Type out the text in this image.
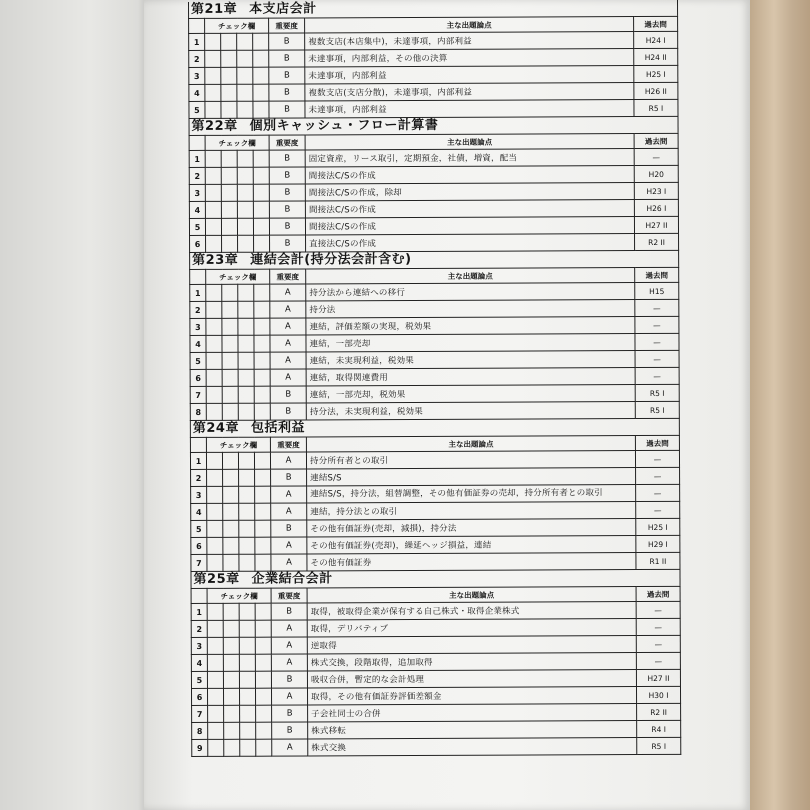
第21章 本支店会計
	チェック欄				重要度	主な出題論点	過去問
1					B	複数支店(本店集中)，未達事項，内部利益	H24 I
2					B	未達事項，内部利益，その他の決算	H24 II
3					B	未達事項，内部利益	H25 I
4					B	複数支店(支店分散)，未達事項，内部利益	H26 II
5					B	未達事項，内部利益	R5 I
第22章 個別キャッシュ・フロー計算書
	チェック欄				重要度	主な出題論点	過去問
1					B	固定資産，リース取引，定期預金，社債，増資，配当	—
2					B	間接法C/Sの作成	H20
3					B	間接法C/Sの作成，除却	H23 I
4					B	間接法C/Sの作成	H26 I
5					B	間接法C/Sの作成	H27 II
6					B	直接法C/Sの作成	R2 II
第23章 連結会計(持分法会計含む)
	チェック欄				重要度	主な出題論点	過去問
1					A	持分法から連結への移行	H15
2					A	持分法	—
3					A	連結，評価差額の実現，税効果	—
4					A	連結，一部売却	—
5					A	連結，未実現利益，税効果	—
6					A	連結，取得関連費用	—
7					B	連結，一部売却，税効果	R5 I
8					B	持分法，未実現利益，税効果	R5 I
第24章 包括利益
	チェック欄				重要度	主な出題論点	過去問
1					A	持分所有者との取引	—
2					B	連結S/S	—
3					A	連結S/S，持分法，組替調整，その他有価証券の売却，持分所有者との取引	—
4					A	連結，持分法との取引	—
5					B	その他有価証券(売却，減損)，持分法	H25 I
6					A	その他有価証券(売却)，繰延ヘッジ損益，連結	H29 I
7					A	その他有価証券	R1 II
第25章 企業結合会計
	チェック欄				重要度	主な出題論点	過去問
1					B	取得，被取得企業が保有する自己株式・取得企業株式	—
2					A	取得，デリバティブ	—
3					A	逆取得	—
4					A	株式交換，段階取得，追加取得	—
5					B	吸収合併，暫定的な会計処理	H27 II
6					A	取得，その他有価証券評価差額金	H30 I
7					B	子会社同士の合併	R2 II
8					B	株式移転	R4 I
9					A	株式交換	R5 I
